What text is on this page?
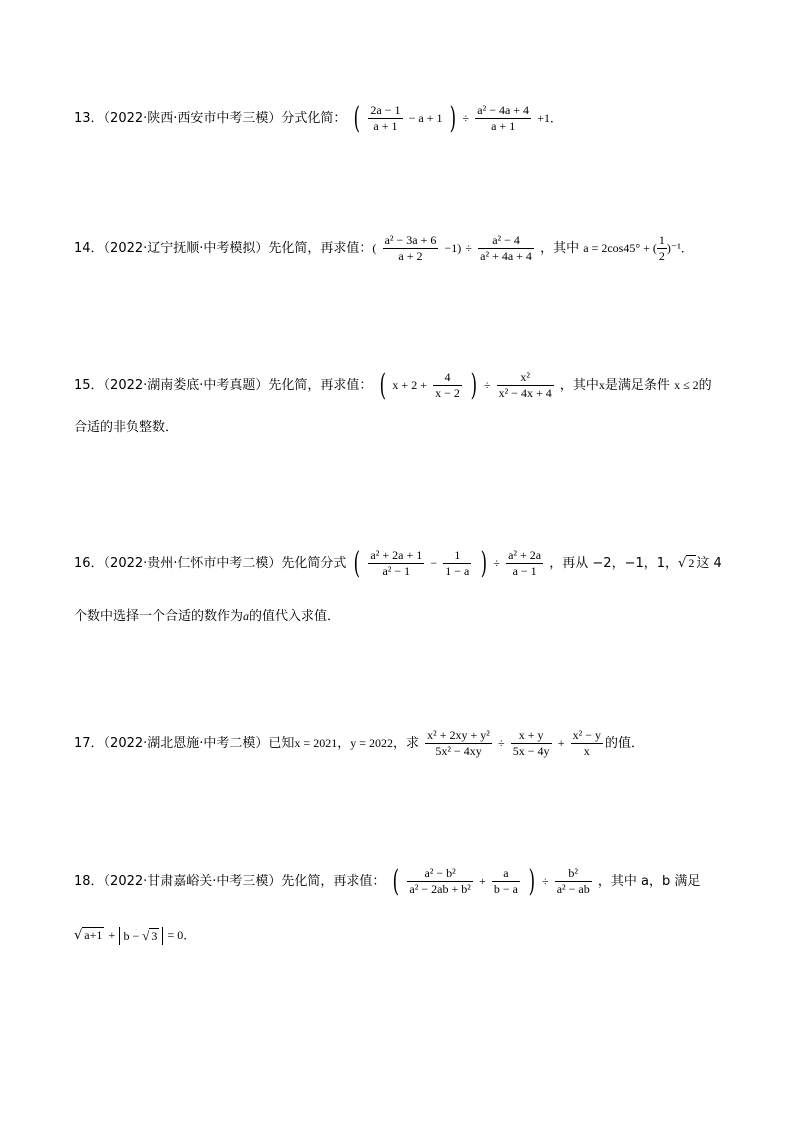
13．（2022·陕西·西安市中考三模）分式化简： ( $\frac{2a - 1}{a + 1} - a + 1$ ) ÷ $\frac{\text{a² − 4a + 4}}{a + 1} +1$．
14．（2022·辽宁抚顺·中考模拟）先化简，再求值：( $\frac{\text{a² − 3a + 6}}{a + 2} -1) \div \frac{\text{a² − 4}}{\text{a² + 4a + 4}}$ ，其中 a = 2cos45° + ( $\frac{1}{2} )^{-1}$．
15．（2022·湖南娄底·中考真题）先化简，再求值： ( $x + 2 + \frac{4}{x - 2}$ ) ÷ $\frac{\text{x²}}{\text{x² − 4x + 4}}$ ，其中x是满足条件 x ≤ 2的
合适的非负整数．
16．（2022·贵州·仁怀市中考二模）先化简分式 ( $\frac{\text{a² + 2a + 1}}{\text{a² − 1}} - \frac{1}{1 - a}$ ) ÷ $\frac{\text{a² + 2a}}{a - 1}$ ，再从 −2，−1，1，√ 2 这 4
个数中选择一个合适的数作为a的值代入求值．
17．（2022·湖北恩施·中考二模）已知x = 2021，y = 2022，求 $\frac{\text{x² + 2xy + y²}}{\text{5x² − 4xy}} \div \frac{x + y}{5x - 4y} + \frac{\text{x² − y}}{x}$ 的值．
18．（2022·甘肃嘉峪关·中考三模）先化简，再求值： ( $\frac{\text{a² − b²}}{\text{a² − 2ab + b²}} + \frac{a}{b - a}$ ) ÷ $\frac{\text{b²}}{\text{a² − ab}}$ ，其中 a，b 满足
√ a+1 + b − √ 3 = 0．
